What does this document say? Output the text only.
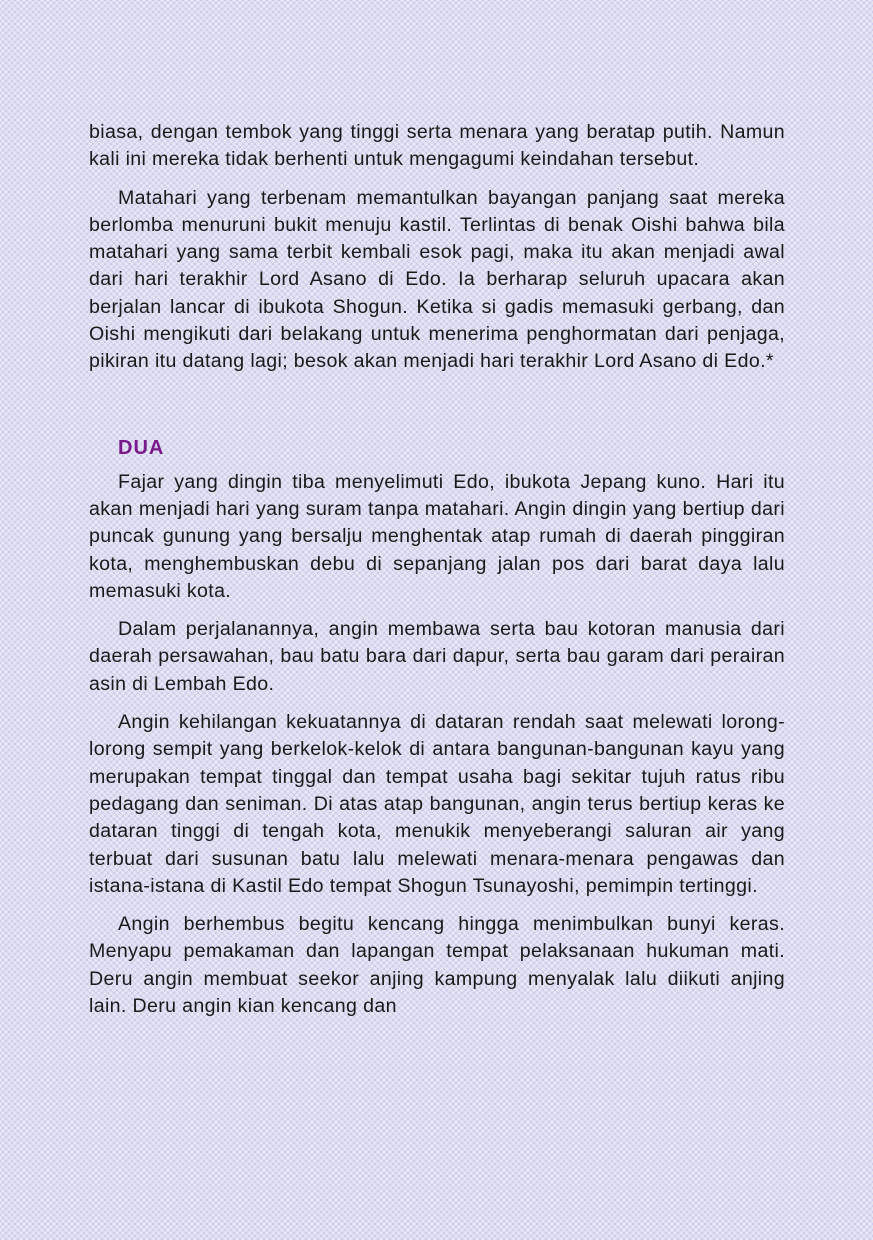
biasa, dengan tembok yang tinggi serta menara yang beratap putih. Namun kali ini mereka tidak berhenti untuk mengagumi keindahan tersebut.

Matahari yang terbenam memantulkan bayangan panjang saat mereka berlomba menuruni bukit menuju kastil. Terlintas di benak Oishi bahwa bila matahari yang sama terbit kembali esok pagi, maka itu akan menjadi awal dari hari terakhir Lord Asano di Edo. Ia berharap seluruh upacara akan berjalan lancar di ibukota Shogun. Ketika si gadis memasuki gerbang, dan Oishi mengikuti dari belakang untuk menerima penghormatan dari penjaga, pikiran itu datang lagi; besok akan menjadi hari terakhir Lord Asano di Edo.*

DUA

Fajar yang dingin tiba menyelimuti Edo, ibukota Jepang kuno. Hari itu akan menjadi hari yang suram tanpa matahari. Angin dingin yang bertiup dari puncak gunung yang bersalju menghentak atap rumah di daerah pinggiran kota, menghembuskan debu di sepanjang jalan pos dari barat daya lalu memasuki kota.

Dalam perjalanannya, angin membawa serta bau kotoran manusia dari daerah persawahan, bau batu bara dari dapur, serta bau garam dari perairan asin di Lembah Edo.

Angin kehilangan kekuatannya di dataran rendah saat melewati lorong-lorong sempit yang berkelok-kelok di antara bangunan-bangunan kayu yang merupakan tempat tinggal dan tempat usaha bagi sekitar tujuh ratus ribu pedagang dan seniman. Di atas atap bangunan, angin terus bertiup keras ke dataran tinggi di tengah kota, menukik menyeberangi saluran air yang terbuat dari susunan batu lalu melewati menara-menara pengawas dan istana-istana di Kastil Edo tempat Shogun Tsunayoshi, pemimpin tertinggi.

Angin berhembus begitu kencang hingga menimbulkan bunyi keras. Menyapu pemakaman dan lapangan tempat pelaksanaan hukuman mati. Deru angin membuat seekor anjing kampung menyalak lalu diikuti anjing lain. Deru angin kian kencang dan
